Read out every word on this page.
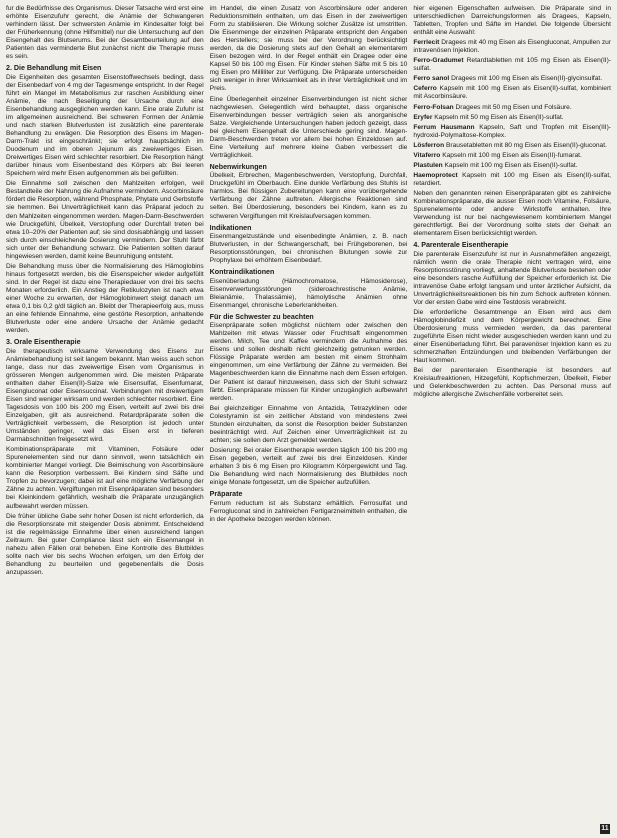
fur die Bedürfnisse des Organismus. Dieser Tatsache wird erst eine erhöhte Eisenzufuhr gerecht, die Anämie der Schwangeren verhindern lässt. Der schwersten Anämie im Kindesalter folgt bei der Früherkennung (ohne Hilfsmittel) nur die Untersuchung auf den Eisengehalt des Blutserums. Bei der Gesamtbeurteilung auf den Patienten das verminderte Blut zunächst nicht die Therapie muss es sein.

2. Die Behandlung mit Eisen

Die Eigenheiten des gesamten Eisenstoffwechsels bedingt, dass der Eisenbedarf von 4 mg der Tagesmenge entspricht. In der Regel führt ein Mangel im Metabolismus zur raschen Ausbildung einer Anämie, die nach Beseitigung der Ursache durch eine Eisenbehandlung ausgeglichen werden kann. Eine orale Zufuhr ist im allgemeinen ausreichend. Bei schweren Formen der Anämie und nach starken Blutverlusten ist zusätzlich eine parenterale Behandlung zu erwägen. Die Resorption des Eisens im Magen-Darm-Trakt ist eingeschränkt; sie erfolgt hauptsächlich im Duodenum und im oberen Jejunum als zweiwertiges Eisen. Dreiwertiges Eisen wird schlechter resorbiert. Die Resorption hängt darüber hinaus vom Eisenbestand des Körpers ab: Bei leeren Speichern wird mehr Eisen aufgenommen als bei gefüllten.

Die Einnahme soll zwischen den Mahlzeiten erfolgen, weil Bestandteile der Nahrung die Aufnahme vermindern. Ascorbinsäure fördert die Resorption, während Phosphate, Phytate und Gerbstoffe sie hemmen. Bei Unverträglichkeit kann das Präparat jedoch zu den Mahlzeiten eingenommen werden. Magen-Darm-Beschwerden wie Druckgefühl, Übelkeit, Verstopfung oder Durchfall treten bei etwa 10–20% der Patienten auf; sie sind dosisabhängig und lassen sich durch einschleichende Dosierung vermindern. Der Stuhl färbt sich unter der Behandlung schwarz. Die Patienten sollten darauf hingewiesen werden, damit keine Beunruhigung entsteht.

Die Behandlung muss über die Normalisierung des Hämoglobins hinaus fortgesetzt werden, bis die Eisenspeicher wieder aufgefüllt sind. In der Regel ist dazu eine Therapiedauer von drei bis sechs Monaten erforderlich. Ein Anstieg der Retikulozyten ist nach etwa einer Woche zu erwarten, der Hämoglobinwert steigt danach um etwa 0,1 bis 0,2 g/dl täglich an. Bleibt der Therapieerfolg aus, muss an eine fehlende Einnahme, eine gestörte Resorption, anhaltende Blutverluste oder eine andere Ursache der Anämie gedacht werden.

3. Orale Eisentherapie

Die therapeutisch wirksame Verwendung des Eisens zur Anämiebehandlung ist seit langem bekannt. Man weiss auch schon lange, dass nur das zweiwertige Eisen vom Organismus in grösseren Mengen aufgenommen wird. Die meisten Präparate enthalten daher Eisen(II)-Salze wie Eisensulfat, Eisenfumarat, Eisengluconat oder Eisensuccinat. Verbindungen mit dreiwertigem Eisen sind weniger wirksam und werden schlechter resorbiert. Eine Tagesdosis von 100 bis 200 mg Eisen, verteilt auf zwei bis drei Einzelgaben, gilt als ausreichend. Retardpräparate sollen die Verträglichkeit verbessern, die Resorption ist jedoch unter Umständen geringer, weil das Eisen erst in tieferen Darmabschnitten freigesetzt wird.

Kombinationspräparate mit Vitaminen, Folsäure oder Spurenelementen sind nur dann sinnvoll, wenn tatsächlich ein kombinierter Mangel vorliegt. Die Beimischung von Ascorbinsäure kann die Resorption verbessern. Bei Kindern sind Säfte und Tropfen zu bevorzugen; dabei ist auf eine mögliche Verfärbung der Zähne zu achten. Vergiftungen mit Eisenpräparaten sind besonders bei Kleinkindern gefährlich, weshalb die Präparate unzugänglich aufbewahrt werden müssen.

Die früher übliche Gabe sehr hoher Dosen ist nicht erforderlich, da die Resorptionsrate mit steigender Dosis abnimmt. Entscheidend ist die regelmässige Einnahme über einen ausreichend langen Zeitraum. Bei guter Compliance lässt sich ein Eisenmangel in nahezu allen Fällen oral beheben. Eine Kontrolle des Blutbildes sollte nach vier bis sechs Wochen erfolgen, um den Erfolg der Behandlung zu beurteilen und gegebenenfalls die Dosis anzupassen.

im Handel, die einen Zusatz von Ascorbinsäure oder anderen Reduktionsmitteln enthalten, um das Eisen in der zweiwertigen Form zu stabilisieren. Die Wirkung solcher Zusätze ist umstritten. Die Eisenmenge der einzelnen Präparate entspricht den Angaben des Herstellers; sie muss bei der Verordnung berücksichtigt werden, da die Dosierung stets auf den Gehalt an elementarem Eisen bezogen wird. In der Regel enthält ein Dragee oder eine Kapsel 50 bis 100 mg Eisen. Für Kinder stehen Säfte mit 5 bis 10 mg Eisen pro Milliliter zur Verfügung. Die Präparate unterscheiden sich weniger in ihrer Wirksamkeit als in ihrer Verträglichkeit und im Preis.

Eine Überlegenheit einzelner Eisenverbindungen ist nicht sicher nachgewiesen. Gelegentlich wird behauptet, dass organische Eisenverbindungen besser verträglich seien als anorganische Salze. Vergleichende Untersuchungen haben jedoch gezeigt, dass bei gleichem Eisengehalt die Unterschiede gering sind. Magen-Darm-Beschwerden treten vor allem bei hohen Einzeldosen auf. Eine Verteilung auf mehrere kleine Gaben verbessert die Verträglichkeit.

Nebenwirkungen

Übelkeit, Erbrechen, Magenbeschwerden, Verstopfung, Durchfall, Druckgefühl im Oberbauch. Eine dunkle Verfärbung des Stuhls ist harmlos. Bei flüssigen Zubereitungen kann eine vorübergehende Verfärbung der Zähne auftreten. Allergische Reaktionen sind selten. Bei Überdosierung, besonders bei Kindern, kann es zu schweren Vergiftungen mit Kreislaufversagen kommen.

Indikationen

Eisenmangelzustände und eisenbedingte Anämien, z. B. nach Blutverlusten, in der Schwangerschaft, bei Frühgeborenen, bei Resorptionsstörungen, bei chronischen Blutungen sowie zur Prophylaxe bei erhöhtem Eisenbedarf.

Kontraindikationen

Eisenüberladung (Hämochromatose, Hämosiderose), Eisenverwertungsstörungen (sideroachrestische Anämie, Bleianämie, Thalassämie), hämolytische Anämien ohne Eisenmangel, chronische Leberkrankheiten.

Für die Schwester zu beachten

Eisenpräparate sollen möglichst nüchtern oder zwischen den Mahlzeiten mit etwas Wasser oder Fruchtsaft eingenommen werden. Milch, Tee und Kaffee vermindern die Aufnahme des Eisens und sollen deshalb nicht gleichzeitig getrunken werden. Flüssige Präparate werden am besten mit einem Strohhalm eingenommen, um eine Verfärbung der Zähne zu vermeiden. Bei Magenbeschwerden kann die Einnahme nach dem Essen erfolgen. Der Patient ist darauf hinzuweisen, dass sich der Stuhl schwarz färbt. Eisenpräparate müssen für Kinder unzugänglich aufbewahrt werden.

Bei gleichzeitiger Einnahme von Antazida, Tetrazyklinen oder Colestyramin ist ein zeitlicher Abstand von mindestens zwei Stunden einzuhalten, da sonst die Resorption beider Substanzen beeinträchtigt wird. Auf Zeichen einer Unverträglichkeit ist zu achten; sie sollen dem Arzt gemeldet werden.

Dosierung: Bei oraler Eisentherapie werden täglich 100 bis 200 mg Eisen gegeben, verteilt auf zwei bis drei Einzeldosen. Kinder erhalten 3 bis 6 mg Eisen pro Kilogramm Körpergewicht und Tag. Die Behandlung wird nach Normalisierung des Blutbildes noch einige Monate fortgesetzt, um die Speicher aufzufüllen.

Präparate

Ferrum reductum ist als Substanz erhältlich. Ferrosulfat und Ferrogluconat sind in zahlreichen Fertigarzneimitteln enthalten, die in der Apotheke bezogen werden können.

hier eigenen Eigenschaften aufweisen. Die Präparate sind in unterschiedlichen Darreichungsformen als Dragees, Kapseln, Tabletten, Tropfen und Säfte im Handel. Die folgende Übersicht enthält eine Auswahl:

Ferrlecit Dragees mit 40 mg Eisen als Eisengluconat, Ampullen zur intravenösen Injektion.

Ferro-Gradumet Retardtabletten mit 105 mg Eisen als Eisen(II)-sulfat.

Ferro sanol Dragees mit 100 mg Eisen als Eisen(II)-glycinsulfat.

Ceferro Kapseln mit 100 mg Eisen als Eisen(II)-sulfat, kombiniert mit Ascorbinsäure.

Ferro-Folsan Dragees mit 50 mg Eisen und Folsäure.

Eryfer Kapseln mit 50 mg Eisen als Eisen(II)-sulfat.

Ferrum Hausmann Kapseln, Saft und Tropfen mit Eisen(III)-hydroxid-Polymaltose-Komplex.

Lösferron Brausetabletten mit 80 mg Eisen als Eisen(II)-gluconat.

Vitaferro Kapseln mit 100 mg Eisen als Eisen(II)-fumarat.

Plastulen Kapseln mit 100 mg Eisen als Eisen(II)-sulfat.

Haemoprotect Kapseln mit 100 mg Eisen als Eisen(II)-sulfat, retardiert.

Neben den genannten reinen Eisenpräparaten gibt es zahlreiche Kombinationspräparate, die ausser Eisen noch Vitamine, Folsäure, Spurenelemente oder andere Wirkstoffe enthalten. Ihre Verwendung ist nur bei nachgewiesenem kombiniertem Mangel gerechtfertigt. Bei der Verordnung sollte stets der Gehalt an elementarem Eisen berücksichtigt werden.

4. Parenterale Eisentherapie

Die parenterale Eisenzufuhr ist nur in Ausnahmefällen angezeigt, nämlich wenn die orale Therapie nicht vertragen wird, eine Resorptionsstörung vorliegt, anhaltende Blutverluste bestehen oder eine besonders rasche Auffüllung der Speicher erforderlich ist. Die intravenöse Gabe erfolgt langsam und unter ärztlicher Aufsicht, da Unverträglichkeitsreaktionen bis hin zum Schock auftreten können. Vor der ersten Gabe wird eine Testdosis verabreicht.

Die erforderliche Gesamtmenge an Eisen wird aus dem Hämoglobindefizit und dem Körpergewicht berechnet. Eine Überdosierung muss vermieden werden, da das parenteral zugeführte Eisen nicht wieder ausgeschieden werden kann und zu einer Eisenüberladung führt. Bei paravenöser Injektion kann es zu schmerzhaften Entzündungen und bleibenden Verfärbungen der Haut kommen.

Bei der parenteralen Eisentherapie ist besonders auf Kreislaufreaktionen, Hitzegefühl, Kopfschmerzen, Übelkeit, Fieber und Gelenkbeschwerden zu achten. Das Personal muss auf mögliche allergische Zwischenfälle vorbereitet sein.

11
